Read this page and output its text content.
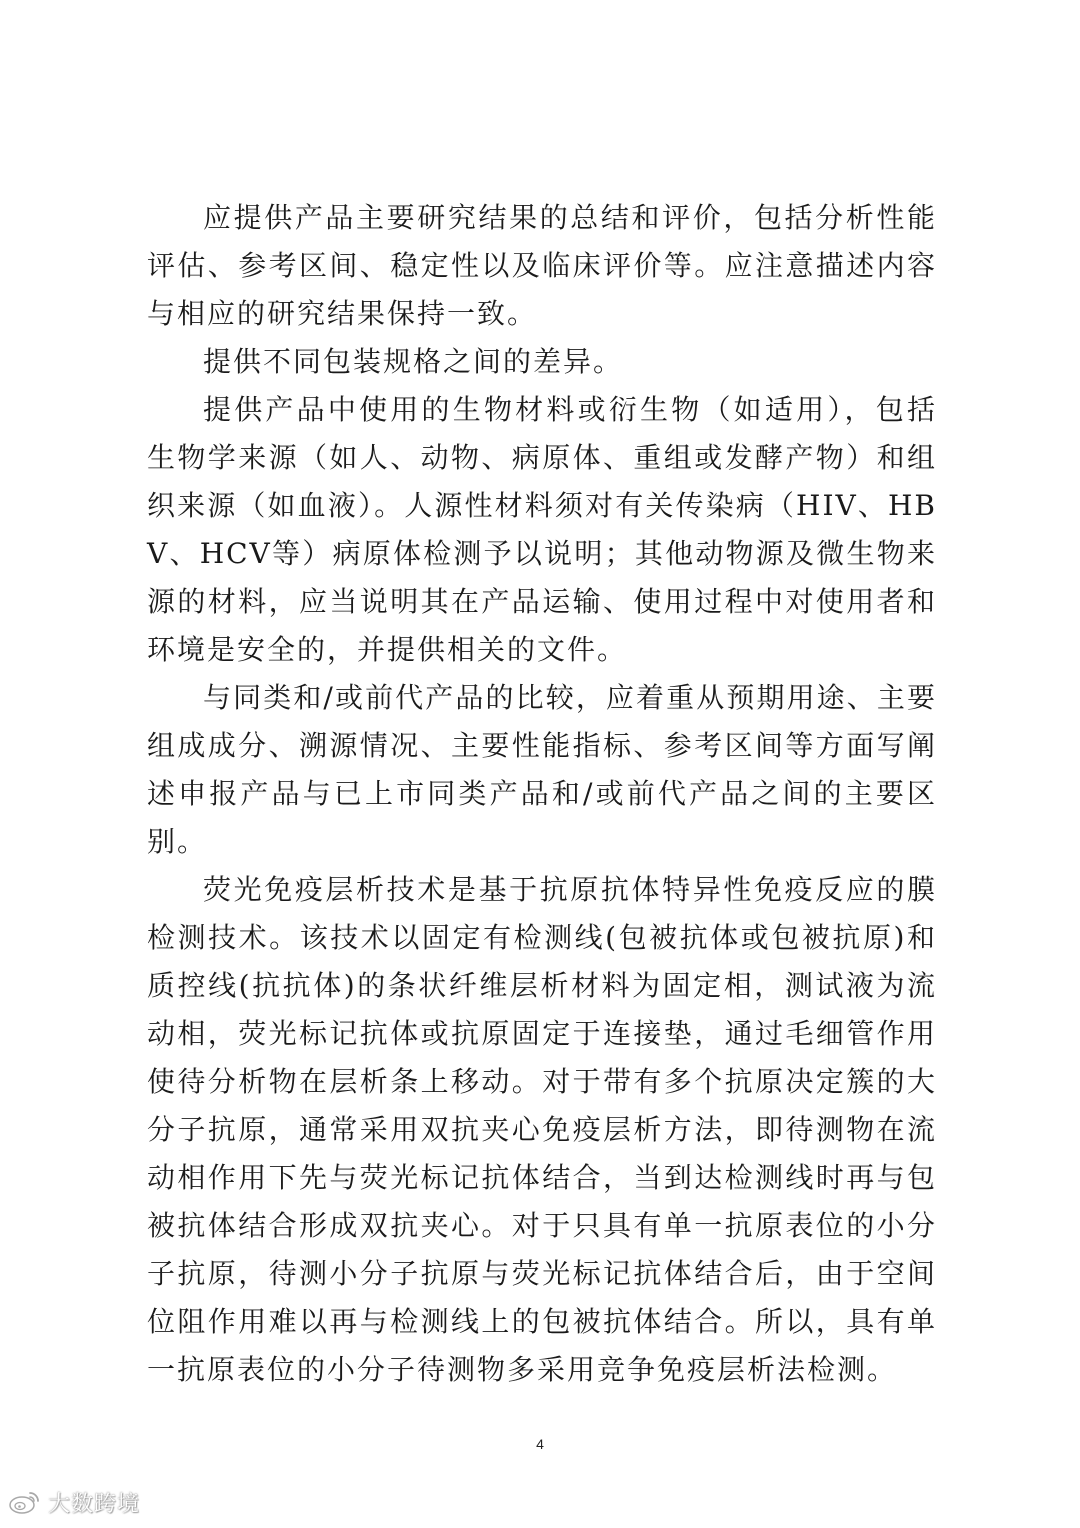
应提供产品主要研究结果的总结和评价，包括分析性能评估、参考区间、稳定性以及临床评价等。应注意描述内容与相应的研究结果保持一致。

提供不同包装规格之间的差异。

提供产品中使用的生物材料或衍生物（如适用），包括生物学来源（如人、动物、病原体、重组或发酵产物）和组织来源（如血液）。人源性材料须对有关传染病（HIV、HBV、HCV等）病原体检测予以说明；其他动物源及微生物来源的材料，应当说明其在产品运输、使用过程中对使用者和环境是安全的，并提供相关的文件。

与同类和/或前代产品的比较，应着重从预期用途、主要组成成分、溯源情况、主要性能指标、参考区间等方面写阐述申报产品与已上市同类产品和/或前代产品之间的主要区别。

荧光免疫层析技术是基于抗原抗体特异性免疫反应的膜检测技术。该技术以固定有检测线(包被抗体或包被抗原)和质控线(抗抗体)的条状纤维层析材料为固定相，测试液为流动相，荧光标记抗体或抗原固定于连接垫，通过毛细管作用使待分析物在层析条上移动。对于带有多个抗原决定簇的大分子抗原，通常采用双抗夹心免疫层析方法，即待测物在流动相作用下先与荧光标记抗体结合，当到达检测线时再与包被抗体结合形成双抗夹心。对于只具有单一抗原表位的小分子抗原，待测小分子抗原与荧光标记抗体结合后，由于空间位阻作用难以再与检测线上的包被抗体结合。所以，具有单一抗原表位的小分子待测物多采用竞争免疫层析法检测。

4
大数跨境
